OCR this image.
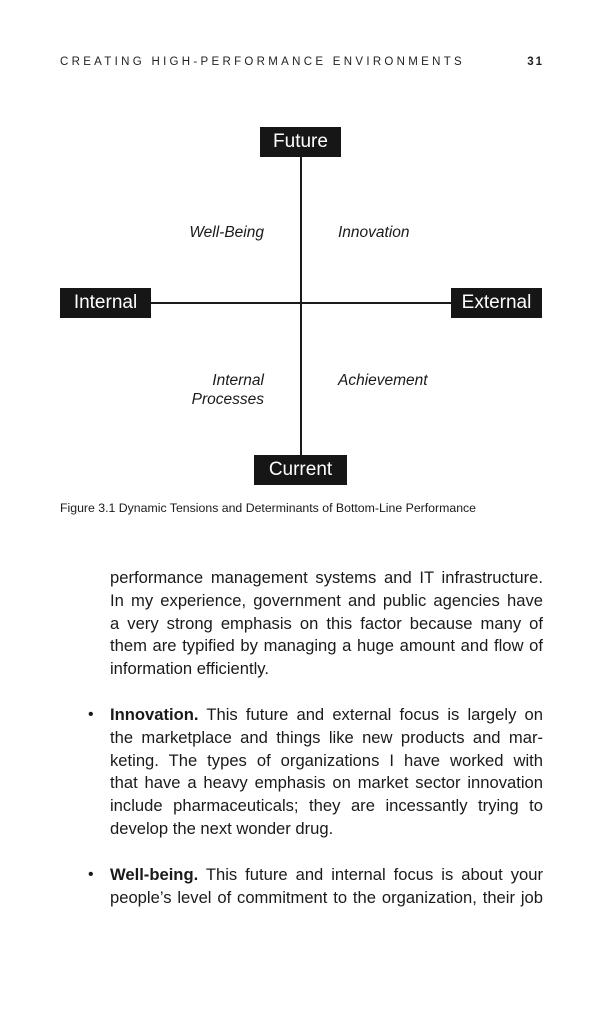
CREATING HIGH-PERFORMANCE ENVIRONMENTS	31
Future
Internal	External
Current
Well-Being	Innovation
Internal
Processes
Achievement
Figure 3.1 Dynamic Tensions and Determinants of Bottom-Line Performance
performance management systems and IT infrastructure.
In my experience, government and public agencies have
a very strong emphasis on this factor because many of
them are typified by managing a huge amount and flow of
information efficiently.
• Innovation. This future and external focus is largely on
the marketplace and things like new products and mar-
keting. The types of organizations I have worked with
that have a heavy emphasis on market sector innovation
include pharmaceuticals; they are incessantly trying to
develop the next wonder drug.
• Well-being. This future and internal focus is about your
people’s level of commitment to the organization, their job
